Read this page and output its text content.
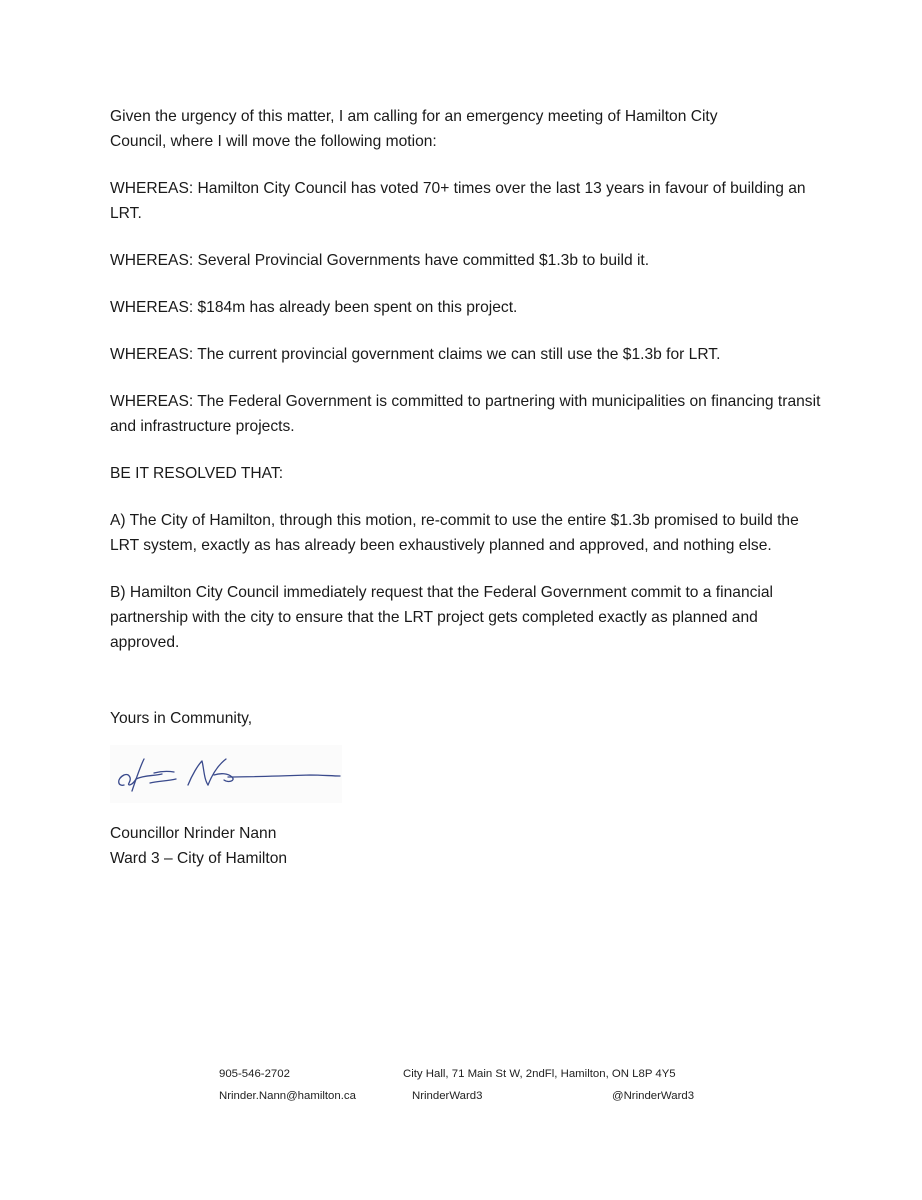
Given the urgency of this matter, I am calling for an emergency meeting of Hamilton City Council, where I will move the following motion:

WHEREAS: Hamilton City Council has voted 70+ times over the last 13 years in favour of building an LRT.

WHEREAS: Several Provincial Governments have committed $1.3b to build it.

WHEREAS: $184m has already been spent on this project.

WHEREAS: The current provincial government claims we can still use the $1.3b for LRT.

WHEREAS: The Federal Government is committed to partnering with municipalities on financing transit and infrastructure projects.

BE IT RESOLVED THAT:

A) The City of Hamilton, through this motion, re-commit to use the entire $1.3b promised to build the LRT system, exactly as has already been exhaustively planned and approved, and nothing else.

B) Hamilton City Council immediately request that the Federal Government commit to a financial partnership with the city to ensure that the LRT project gets completed exactly as planned and approved.

Yours in Community,
Councillor Nrinder Nann
Ward 3 – City of Hamilton
905-546-2702	City Hall, 71 Main St W, 2ndFl, Hamilton, ON L8P 4Y5
Nrinder.Nann@hamilton.ca	NrinderWard3	@NrinderWard3
